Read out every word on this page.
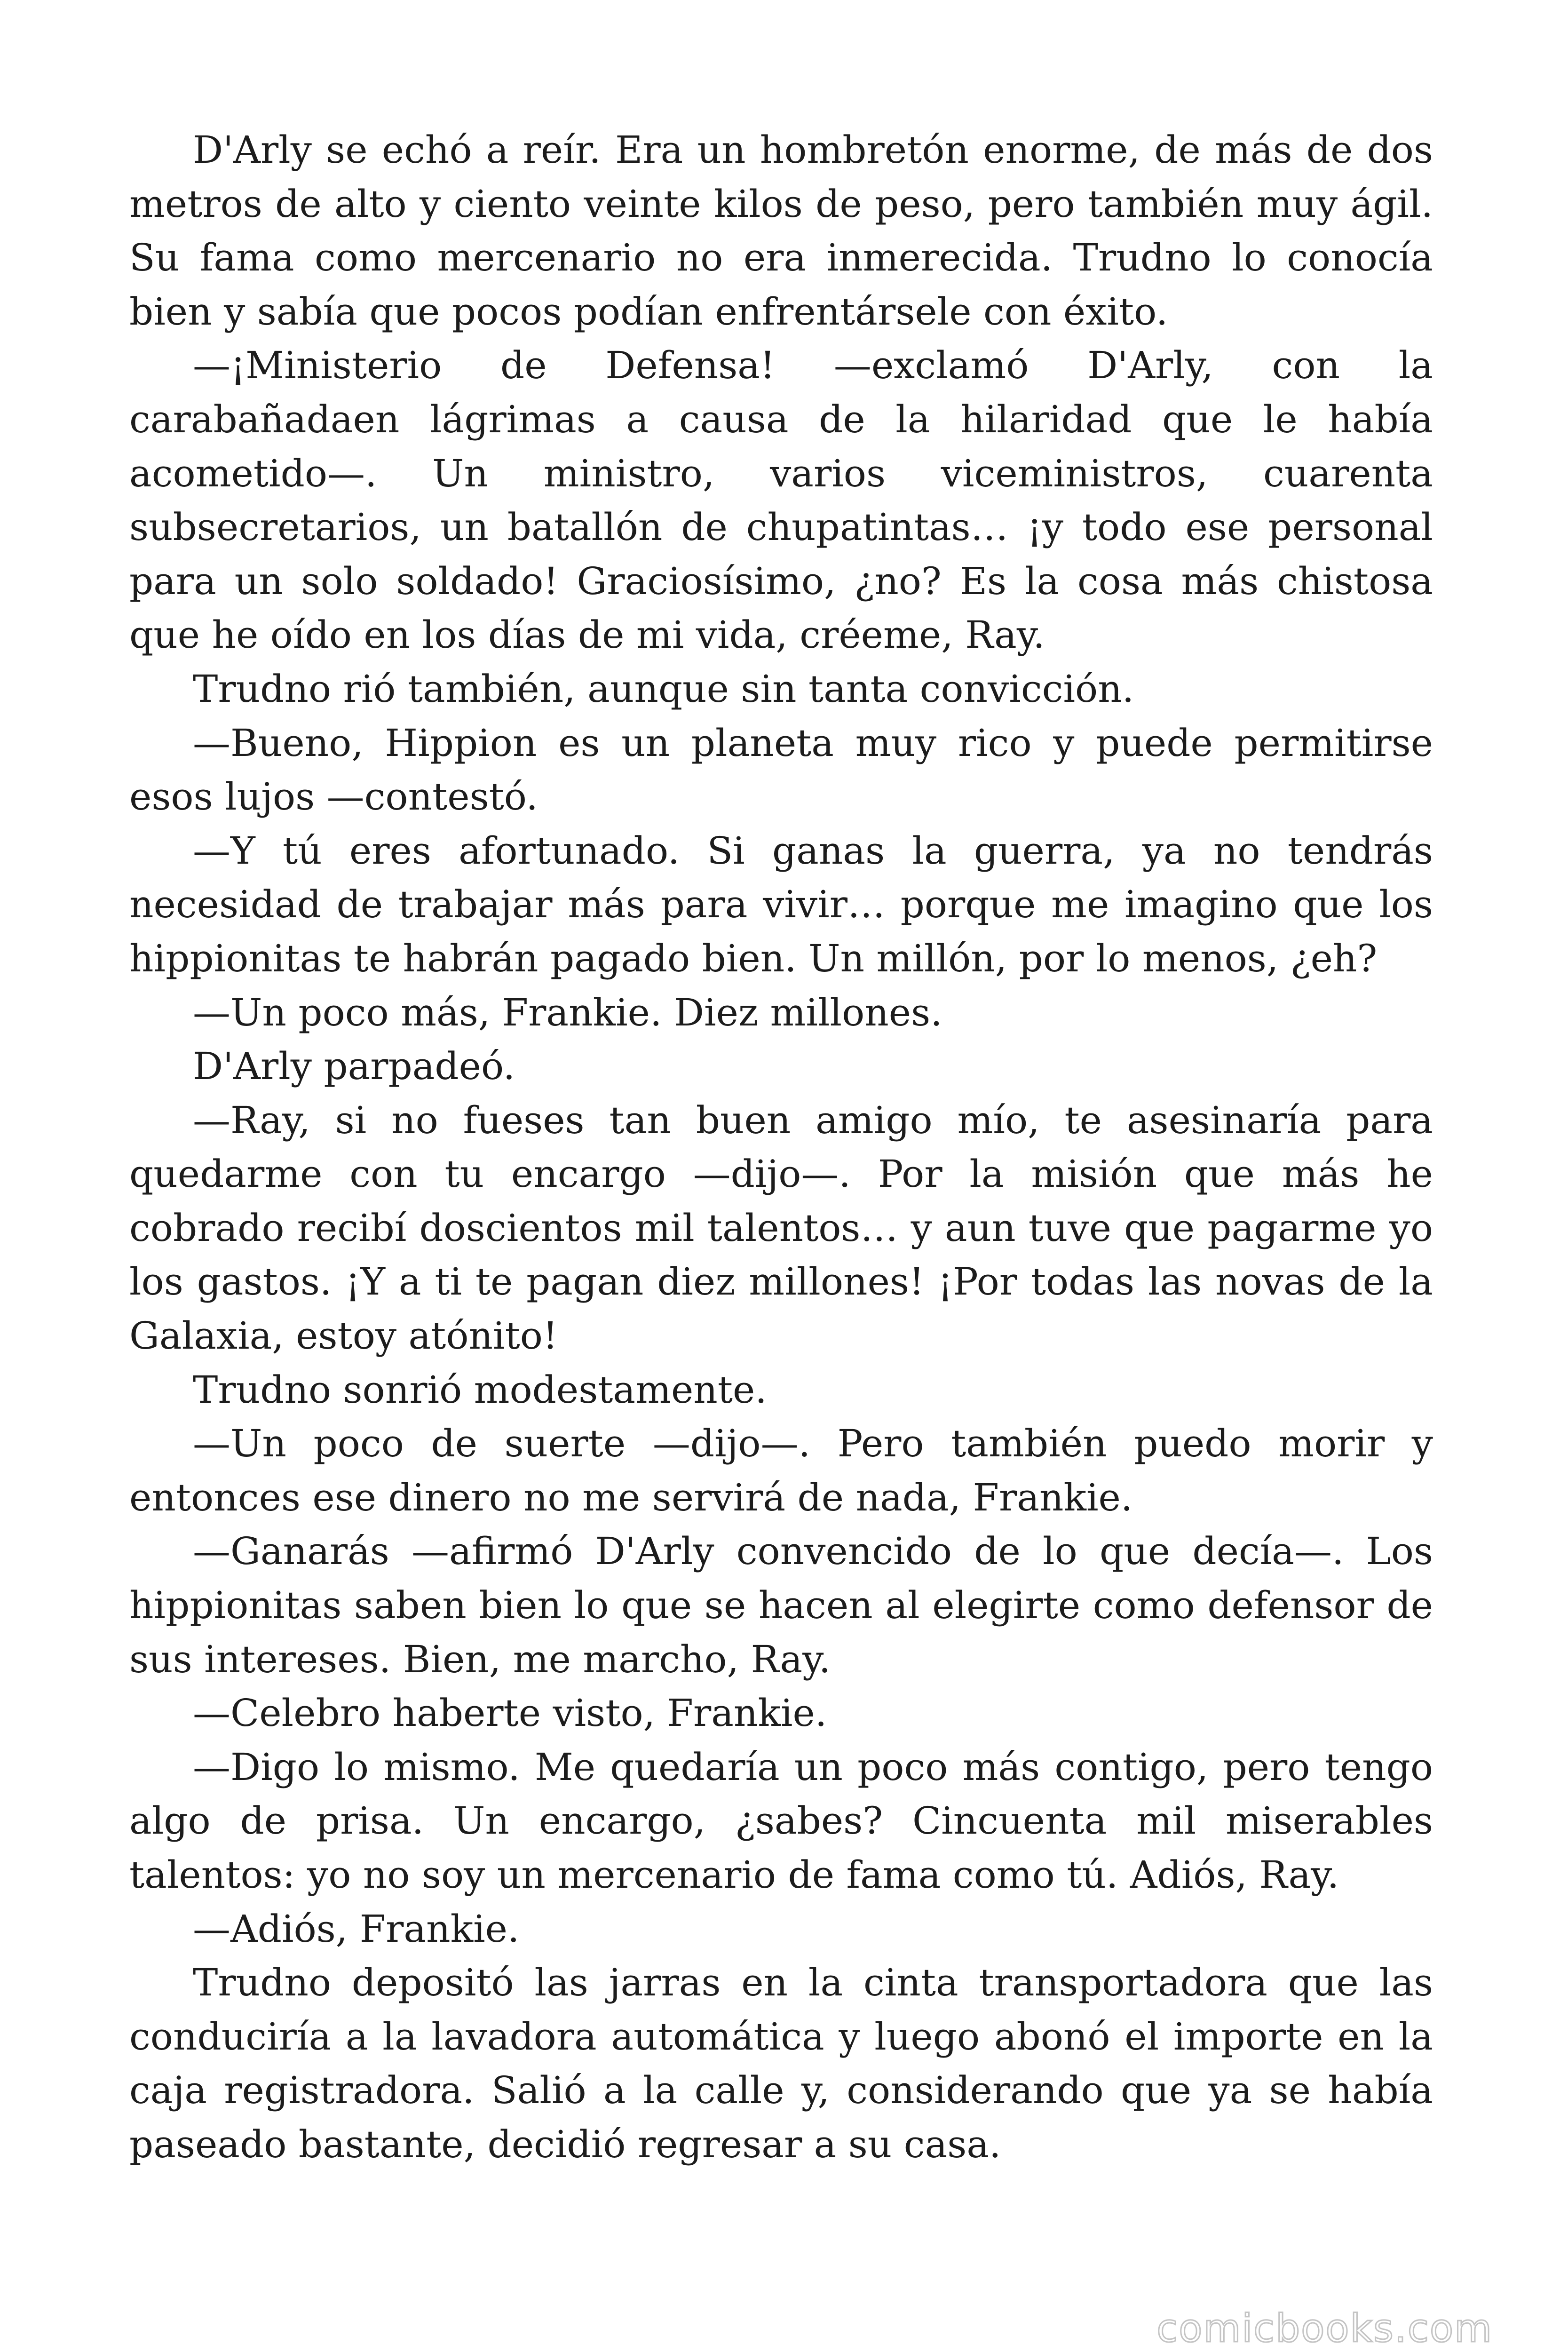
D'Arly se echó a reír. Era un hombretón enorme, de más de dos metros de alto y ciento veinte kilos de peso, pero también muy ágil. Su fama como mercenario no era inmerecida. Trudno lo conocía bien y sabía que pocos podían enfrentársele con éxito.

—¡Ministerio de Defensa! —exclamó D'Arly, con la carabañadaen lágrimas a causa de la hilaridad que le había acometido—. Un ministro, varios viceministros, cuarenta subsecretarios, un batallón de chupatintas… ¡y todo ese personal para un solo soldado! Graciosísimo, ¿no? Es la cosa más chistosa que he oído en los días de mi vida, créeme, Ray.

Trudno rió también, aunque sin tanta convicción.

—Bueno, Hippion es un planeta muy rico y puede permitirse esos lujos —contestó.

—Y tú eres afortunado. Si ganas la guerra, ya no tendrás necesidad de trabajar más para vivir… porque me imagino que los hippionitas te habrán pagado bien. Un millón, por lo menos, ¿eh?

—Un poco más, Frankie. Diez millones.

D'Arly parpadeó.

—Ray, si no fueses tan buen amigo mío, te asesinaría para quedarme con tu encargo —dijo—. Por la misión que más he cobrado recibí doscientos mil talentos… y aun tuve que pagarme yo los gastos. ¡Y a ti te pagan diez millones! ¡Por todas las novas de la Galaxia, estoy atónito!

Trudno sonrió modestamente.

—Un poco de suerte —dijo—. Pero también puedo morir y entonces ese dinero no me servirá de nada, Frankie.

—Ganarás —afirmó D'Arly convencido de lo que decía—. Los hippionitas saben bien lo que se hacen al elegirte como defensor de sus intereses. Bien, me marcho, Ray.

—Celebro haberte visto, Frankie.

—Digo lo mismo. Me quedaría un poco más contigo, pero tengo algo de prisa. Un encargo, ¿sabes? Cincuenta mil miserables talentos: yo no soy un mercenario de fama como tú. Adiós, Ray.

—Adiós, Frankie.

Trudno depositó las jarras en la cinta transportadora que las conduciría a la lavadora automática y luego abonó el importe en la caja registradora. Salió a la calle y, considerando que ya se había paseado bastante, decidió regresar a su casa.

comicbooks.com
